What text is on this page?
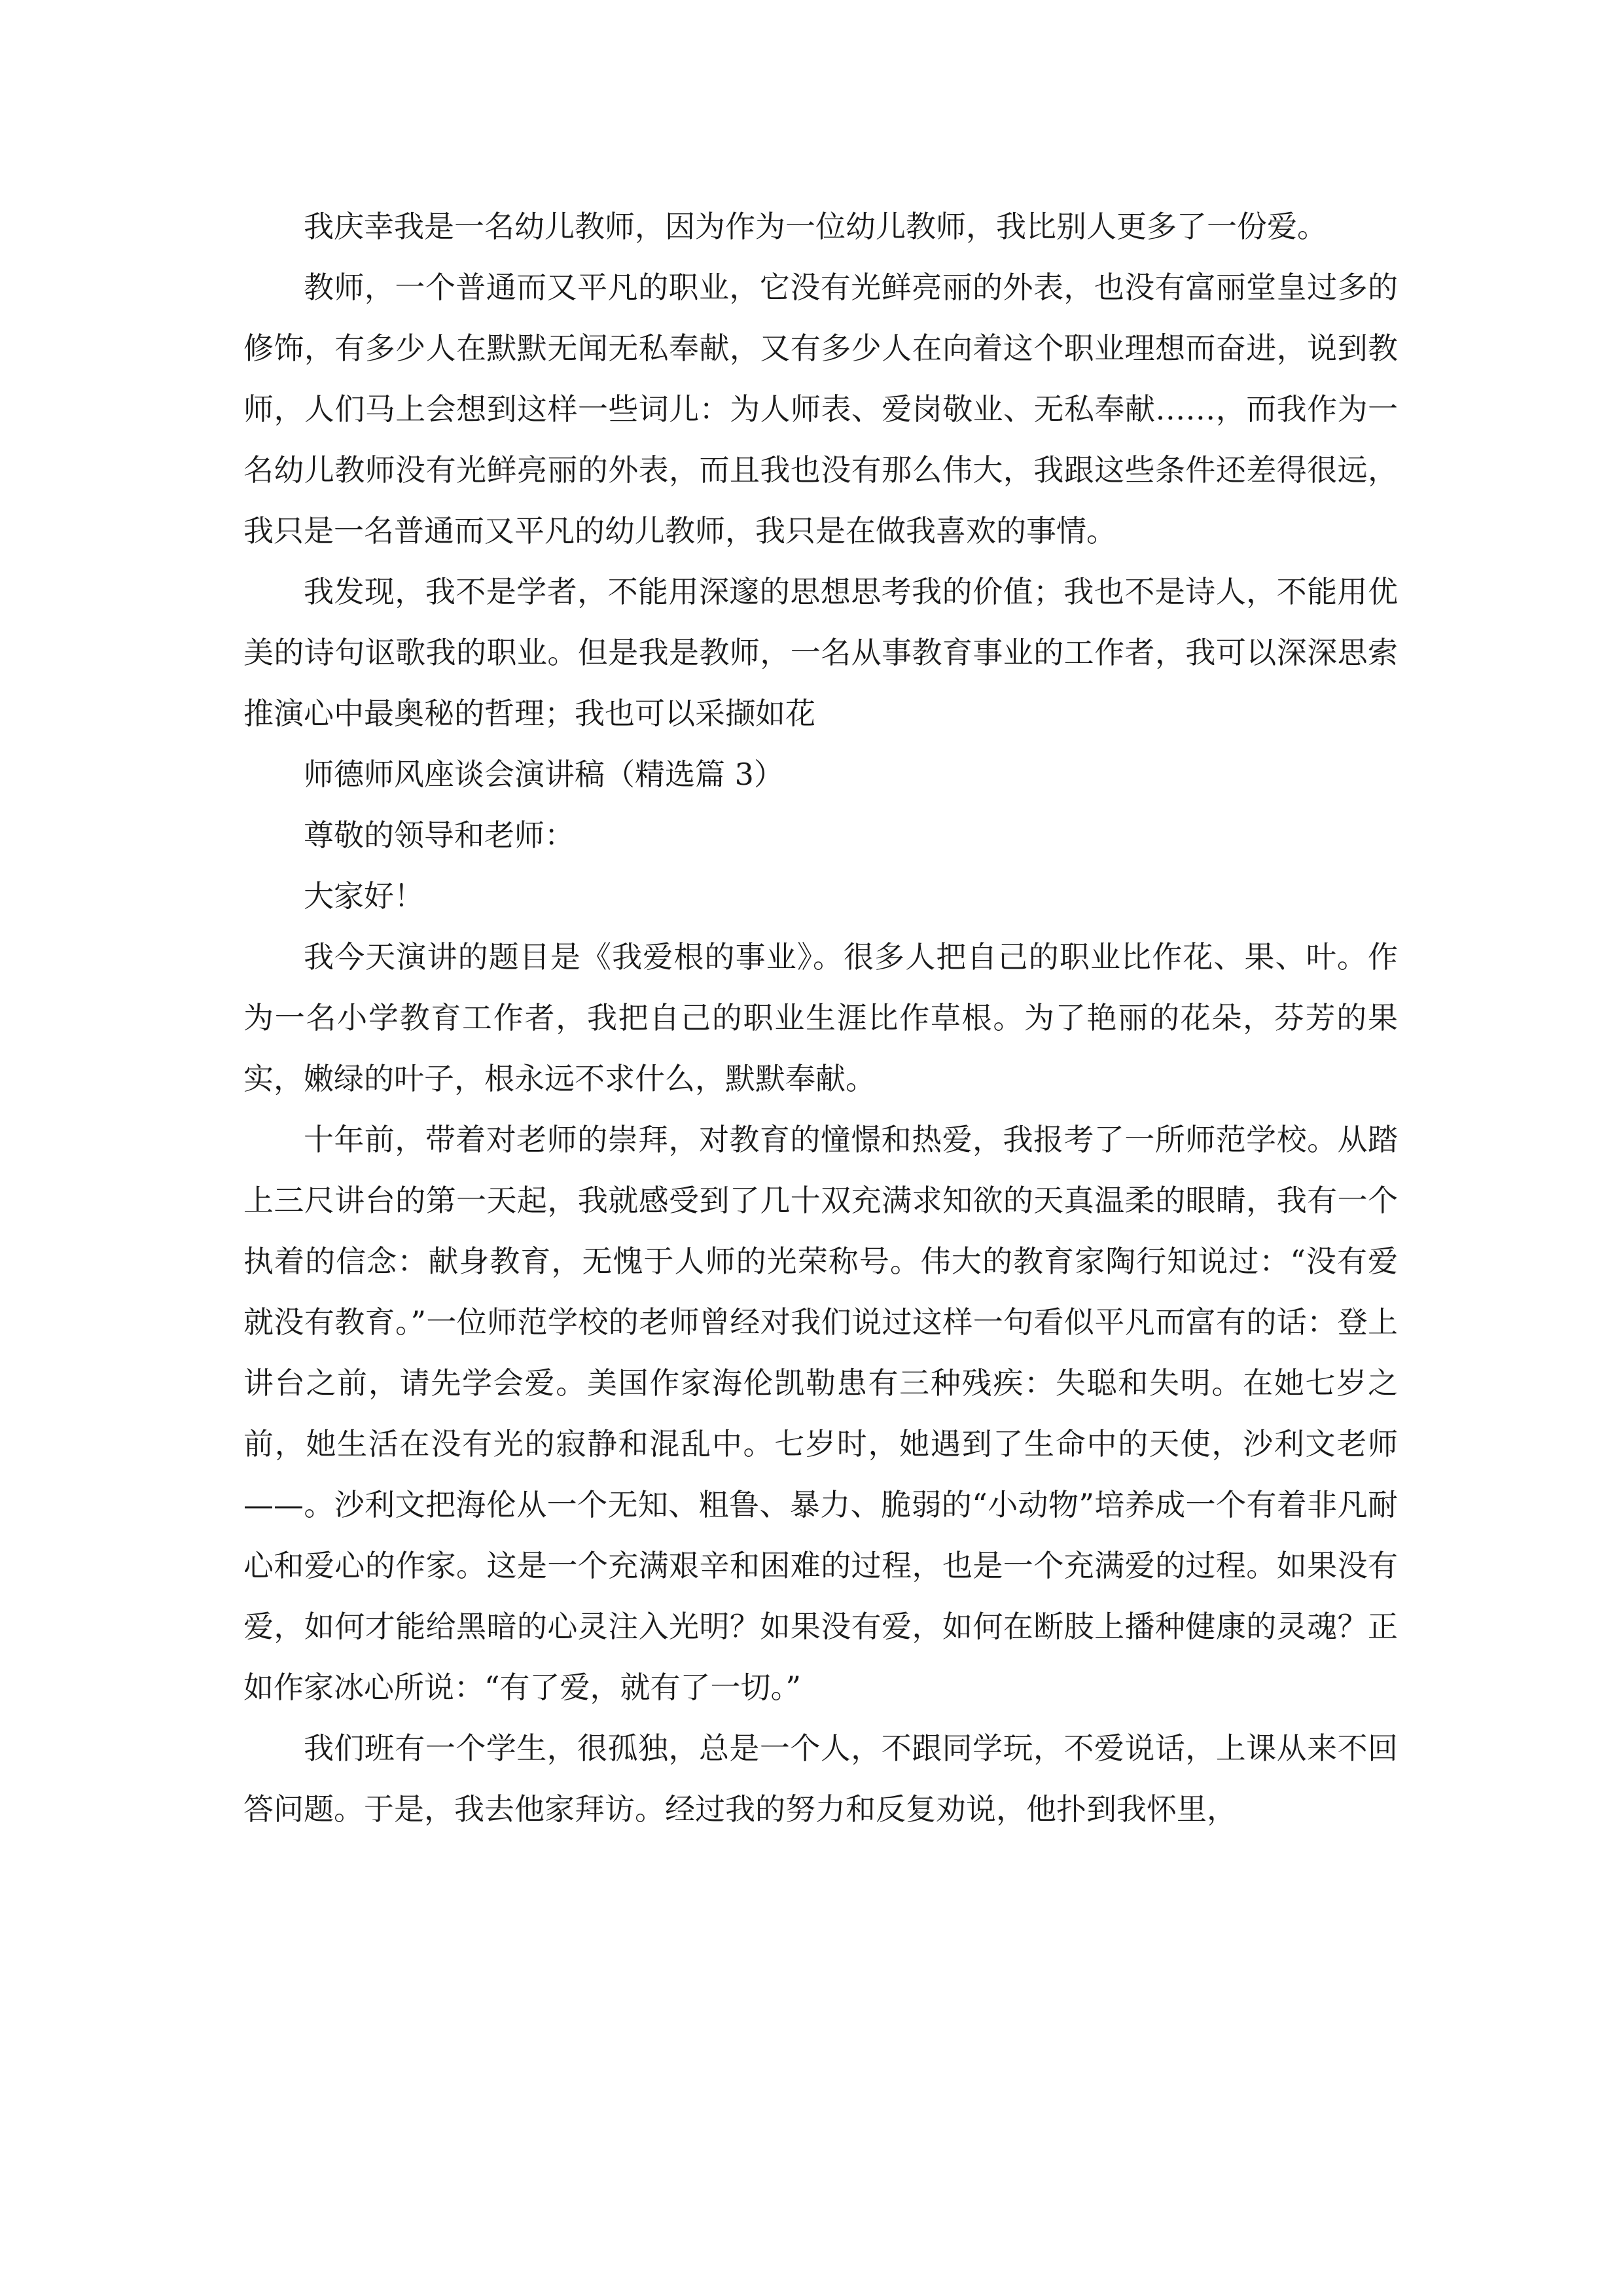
我庆幸我是一名幼儿教师，因为作为一位幼儿教师，我比别人更多了一份爱。

教师，一个普通而又平凡的职业，它没有光鲜亮丽的外表，也没有富丽堂皇过多的修饰，有多少人在默默无闻无私奉献，又有多少人在向着这个职业理想而奋进，说到教师，人们马上会想到这样一些词儿：为人师表、爱岗敬业、无私奉献……，而我作为一名幼儿教师没有光鲜亮丽的外表，而且我也没有那么伟大，我跟这些条件还差得很远，我只是一名普通而又平凡的幼儿教师，我只是在做我喜欢的事情。

我发现，我不是学者，不能用深邃的思想思考我的价值；我也不是诗人，不能用优美的诗句讴歌我的职业。但是我是教师，一名从事教育事业的工作者，我可以深深思索推演心中最奥秘的哲理；我也可以采撷如花

师德师风座谈会演讲稿（精选篇 3）

尊敬的领导和老师：

大家好！

我今天演讲的题目是《我爱根的事业》。很多人把自己的职业比作花、果、叶。作为一名小学教育工作者，我把自己的职业生涯比作草根。为了艳丽的花朵，芬芳的果实，嫩绿的叶子，根永远不求什么，默默奉献。

十年前，带着对老师的崇拜，对教育的憧憬和热爱，我报考了一所师范学校。从踏上三尺讲台的第一天起，我就感受到了几十双充满求知欲的天真温柔的眼睛，我有一个执着的信念：献身教育，无愧于人师的光荣称号。伟大的教育家陶行知说过：“没有爱就没有教育。”一位师范学校的老师曾经对我们说过这样一句看似平凡而富有的话：登上讲台之前，请先学会爱。美国作家海伦凯勒患有三种残疾：失聪和失明。在她七岁之前，她生活在没有光的寂静和混乱中。七岁时，她遇到了生命中的天使，沙利文老师——。沙利文把海伦从一个无知、粗鲁、暴力、脆弱的“小动物”培养成一个有着非凡耐心和爱心的作家。这是一个充满艰辛和困难的过程，也是一个充满爱的过程。如果没有爱，如何才能给黑暗的心灵注入光明？如果没有爱，如何在断肢上播种健康的灵魂？正如作家冰心所说：“有了爱，就有了一切。”

我们班有一个学生，很孤独，总是一个人，不跟同学玩，不爱说话，上课从来不回答问题。于是，我去他家拜访。经过我的努力和反复劝说，他扑到我怀里，
